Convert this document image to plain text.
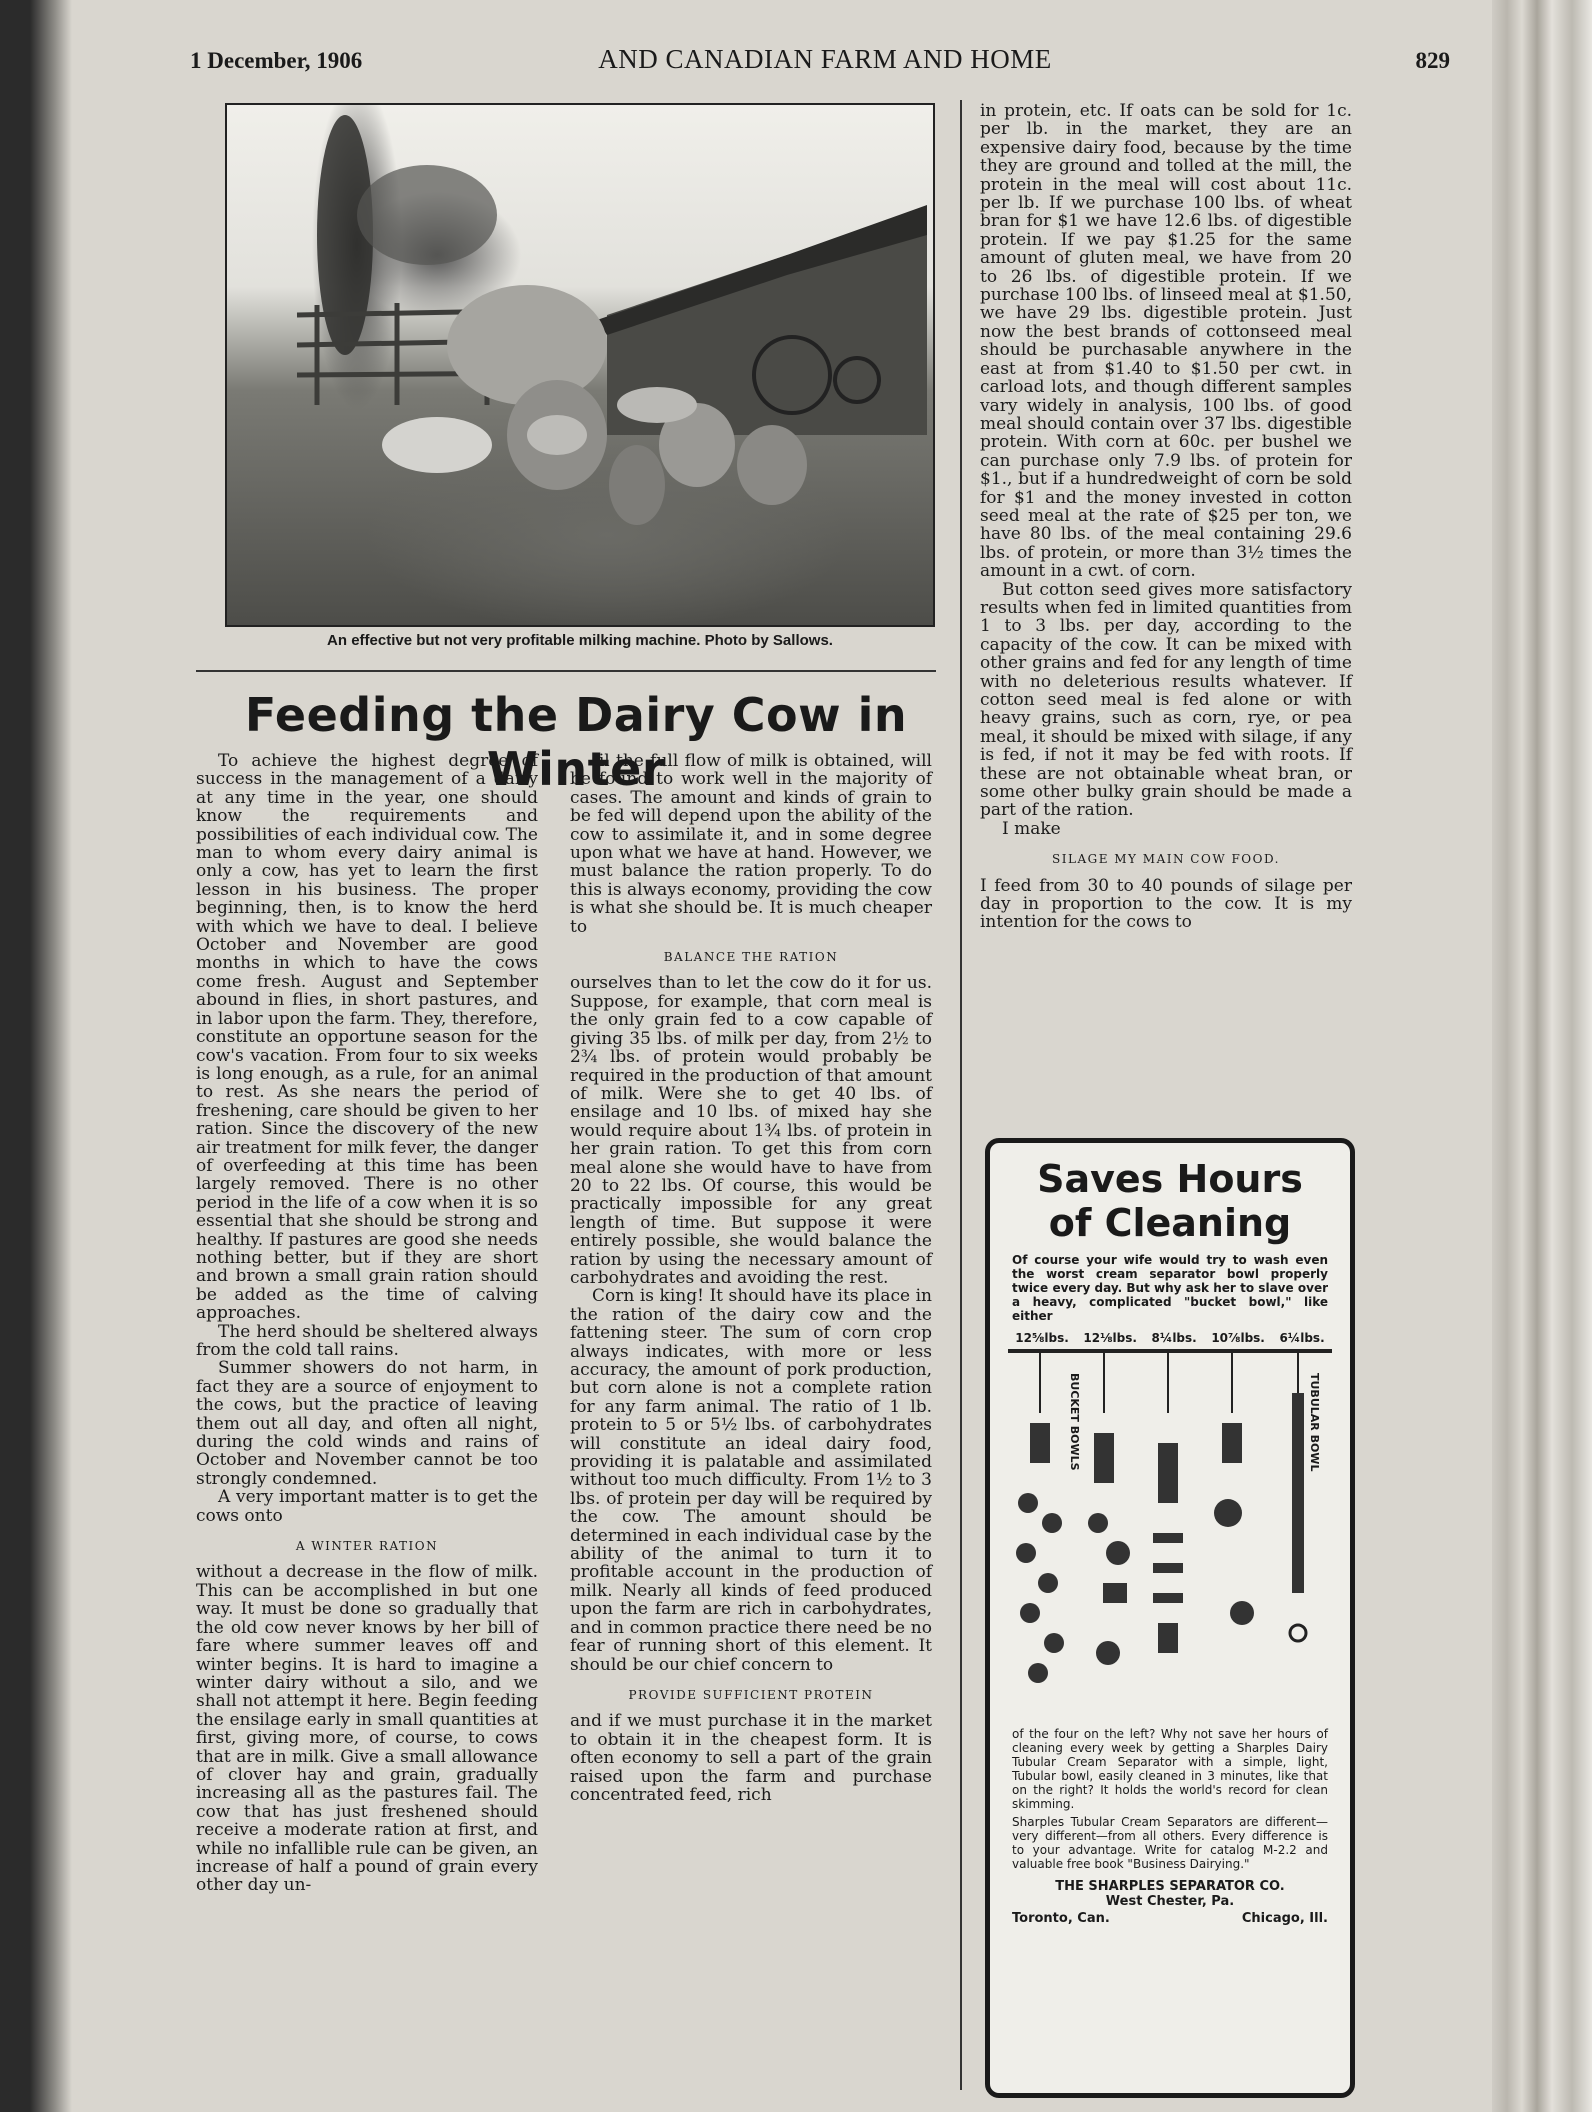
1 December, 1906	AND CANADIAN FARM AND HOME	829
An effective but not very profitable milking machine. Photo by Sallows.
Feeding the Dairy Cow in Winter

To achieve the highest degree of success in the management of a dairy at any time in the year, one should know the requirements and possibilities of each individual cow. The man to whom every dairy animal is only a cow, has yet to learn the first lesson in his business. The proper beginning, then, is to know the herd with which we have to deal. I believe October and November are good months in which to have the cows come fresh. August and September abound in flies, in short pastures, and in labor upon the farm. They, therefore, constitute an opportune season for the cow's vacation. From four to six weeks is long enough, as a rule, for an animal to rest. As she nears the period of freshening, care should be given to her ration. Since the discovery of the new air treatment for milk fever, the danger of overfeeding at this time has been largely removed. There is no other period in the life of a cow when it is so essential that she should be strong and healthy. If pastures are good she needs nothing better, but if they are short and brown a small grain ration should be added as the time of calving approaches.

The herd should be sheltered always from the cold tall rains.

Summer showers do not harm, in fact they are a source of enjoyment to the cows, but the practice of leaving them out all day, and often all night, during the cold winds and rains of October and November cannot be too strongly condemned.

A very important matter is to get the cows onto

A WINTER RATION

without a decrease in the flow of milk. This can be accomplished in but one way. It must be done so gradually that the old cow never knows by her bill of fare where summer leaves off and winter begins. It is hard to imagine a winter dairy without a silo, and we shall not attempt it here. Begin feeding the ensilage early in small quantities at first, giving more, of course, to cows that are in milk. Give a small allowance of clover hay and grain, gradually increasing all as the pastures fail. The cow that has just freshened should receive a moderate ration at first, and while no infallible rule can be given, an increase of half a pound of grain every other day un-

til the full flow of milk is obtained, will be found to work well in the majority of cases. The amount and kinds of grain to be fed will depend upon the ability of the cow to assimilate it, and in some degree upon what we have at hand. However, we must balance the ration properly. To do this is always economy, providing the cow is what she should be. It is much cheaper to

BALANCE THE RATION

ourselves than to let the cow do it for us. Suppose, for example, that corn meal is the only grain fed to a cow capable of giving 35 lbs. of milk per day, from 2½ to 2¾ lbs. of protein would probably be required in the production of that amount of milk. Were she to get 40 lbs. of ensilage and 10 lbs. of mixed hay she would require about 1¾ lbs. of protein in her grain ration. To get this from corn meal alone she would have to have from 20 to 22 lbs. Of course, this would be practically impossible for any great length of time. But suppose it were entirely possible, she would balance the ration by using the necessary amount of carbohydrates and avoiding the rest.

Corn is king! It should have its place in the ration of the dairy cow and the fattening steer. The sum of corn crop always indicates, with more or less accuracy, the amount of pork production, but corn alone is not a complete ration for any farm animal. The ratio of 1 lb. protein to 5 or 5½ lbs. of carbohydrates will constitute an ideal dairy food, providing it is palatable and assimilated without too much difficulty. From 1½ to 3 lbs. of protein per day will be required by the cow. The amount should be determined in each individual case by the ability of the animal to turn it to profitable account in the production of milk. Nearly all kinds of feed produced upon the farm are rich in carbohydrates, and in common practice there need be no fear of running short of this element. It should be our chief concern to

PROVIDE SUFFICIENT PROTEIN

and if we must purchase it in the market to obtain it in the cheapest form. It is often economy to sell a part of the grain raised upon the farm and purchase concentrated feed, rich

in protein, etc. If oats can be sold for 1c. per lb. in the market, they are an expensive dairy food, because by the time they are ground and tolled at the mill, the protein in the meal will cost about 11c. per lb. If we purchase 100 lbs. of wheat bran for $1 we have 12.6 lbs. of digestible protein. If we pay $1.25 for the same amount of gluten meal, we have from 20 to 26 lbs. of digestible protein. If we purchase 100 lbs. of linseed meal at $1.50, we have 29 lbs. digestible protein. Just now the best brands of cottonseed meal should be purchasable anywhere in the east at from $1.40 to $1.50 per cwt. in carload lots, and though different samples vary widely in analysis, 100 lbs. of good meal should contain over 37 lbs. digestible protein. With corn at 60c. per bushel we can purchase only 7.9 lbs. of protein for $1., but if a hundredweight of corn be sold for $1 and the money invested in cotton seed meal at the rate of $25 per ton, we have 80 lbs. of the meal containing 29.6 lbs. of protein, or more than 3½ times the amount in a cwt. of corn.

But cotton seed gives more satisfactory results when fed in limited quantities from 1 to 3 lbs. per day, according to the capacity of the cow. It can be mixed with other grains and fed for any length of time with no deleterious results whatever. If cotton seed meal is fed alone or with heavy grains, such as corn, rye, or pea meal, it should be mixed with silage, if any is fed, if not it may be fed with roots. If these are not obtainable wheat bran, or some other bulky grain should be made a part of the ration.

I make

SILAGE MY MAIN COW FOOD.

I feed from 30 to 40 pounds of silage per day in proportion to the cow. It is my intention for the cows to

Saves Hours
of Cleaning
Of course your wife would try to wash even the worst cream separator bowl properly twice every day. But why ask her to slave over a heavy, complicated "bucket bowl," like either
12⅝lbs. 12⅛lbs. 8¼lbs. 10⅞lbs. 6¼lbs.
BUCKET BOWLS	TUBULAR BOWL
of the four on the left? Why not save her hours of cleaning every week by getting a Sharples Dairy Tubular Cream Separator with a simple, light, Tubular bowl, easily cleaned in 3 minutes, like that on the right? It holds the world's record for clean skimming.
Sharples Tubular Cream Separators are different—very different—from all others. Every difference is to your advantage. Write for catalog M-2.2 and valuable free book "Business Dairying."
THE SHARPLES SEPARATOR CO.
West Chester, Pa.
Toronto, Can.	Chicago, Ill.
